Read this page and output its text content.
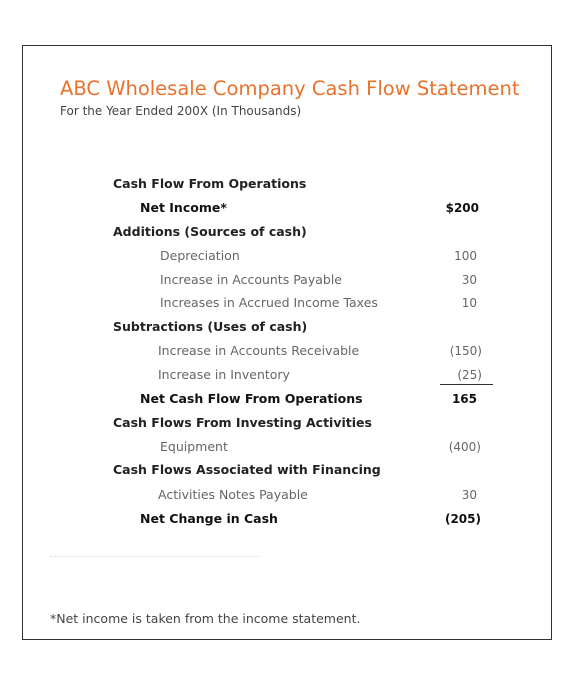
ABC Wholesale Company Cash Flow Statement
For the Year Ended 200X (In Thousands)
Cash Flow From Operations
Net Income*	$200
Additions (Sources of cash)
Depreciation	100
Increase in Accounts Payable	30
Increases in Accrued Income Taxes	10
Subtractions (Uses of cash)
Increase in Accounts Receivable	(150)
Increase in Inventory	(25)
Net Cash Flow From Operations	165
Cash Flows From Investing Activities
Equipment	(400)
Cash Flows Associated with Financing
Activities Notes Payable	30
Net Change in Cash	(205)
*Net income is taken from the income statement.
